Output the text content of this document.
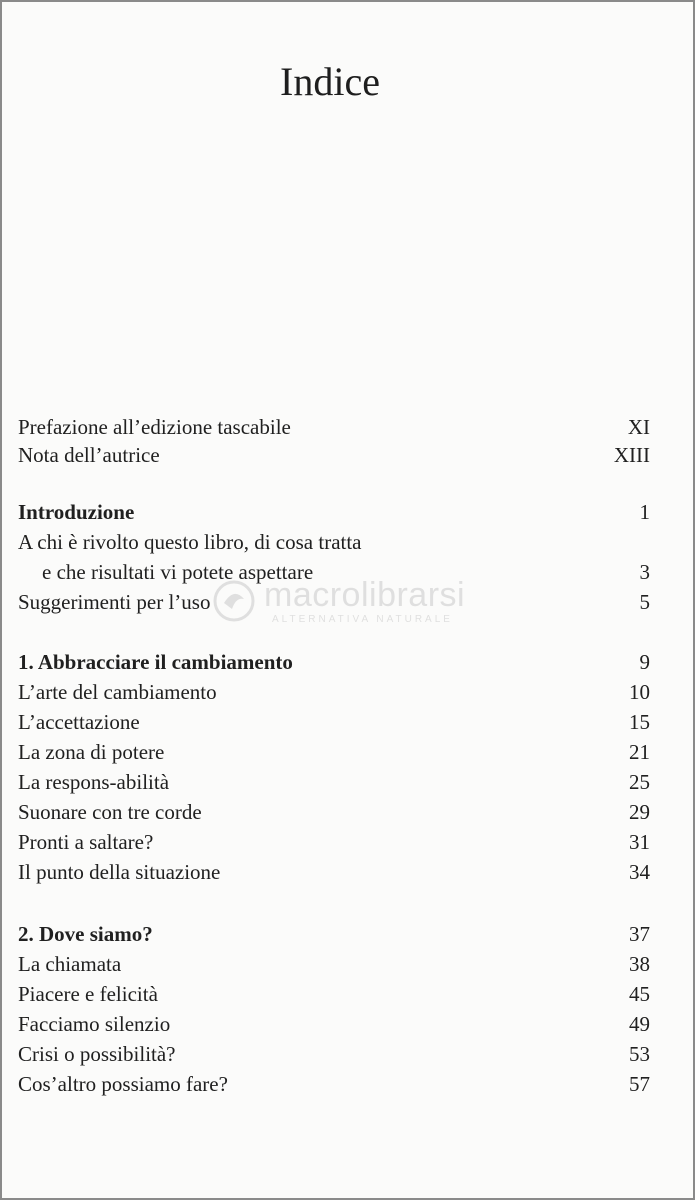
Indice
Prefazione all’edizione tascabile	XI
Nota dell’autrice	XIII
Introduzione	1
A chi è rivolto questo libro, di cosa tratta
e che risultati vi potete aspettare	3
Suggerimenti per l’uso	5
1. Abbracciare il cambiamento	9
L’arte del cambiamento	10
L’accettazione	15
La zona di potere	21
La respons-abilità	25
Suonare con tre corde	29
Pronti a saltare?	31
Il punto della situazione	34
2. Dove siamo?	37
La chiamata	38
Piacere e felicità	45
Facciamo silenzio	49
Crisi o possibilità?	53
Cos’altro possiamo fare?	57
macrolibrarsi
ALTERNATIVA NATURALE
